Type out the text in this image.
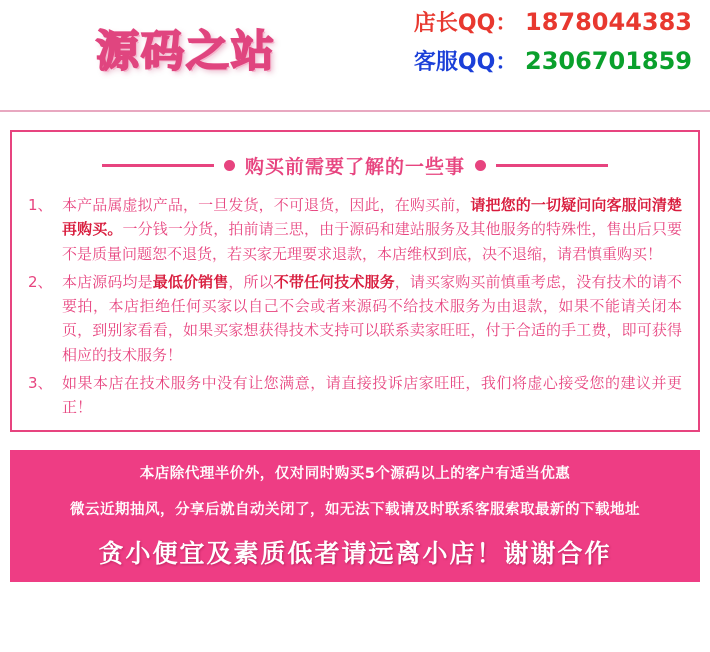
源码之站
店长QQ： 1878044383
客服QQ： 2306701859
购买前需要了解的一些事
1、 本产品属虚拟产品，一旦发货，不可退货，因此，在购买前，请把您的一切疑问向客服问清楚再购买。一分钱一分货，拍前请三思，由于源码和建站服务及其他服务的特殊性，售出后只要不是质量问题恕不退货，若买家无理要求退款，本店维权到底，决不退缩，请君慎重购买！
2、 本店源码均是最低价销售，所以不带任何技术服务，请买家购买前慎重考虑，没有技术的请不要拍，本店拒绝任何买家以自己不会或者来源码不给技术服务为由退款，如果不能请关闭本页，到别家看看，如果买家想获得技术支持可以联系卖家旺旺，付于合适的手工费，即可获得相应的技术服务！
3、 如果本店在技术服务中没有让您满意，请直接投诉店家旺旺，我们将虚心接受您的建议并更正！
本店除代理半价外，仅对同时购买5个源码以上的客户有适当优惠
微云近期抽风，分享后就自动关闭了，如无法下载请及时联系客服索取最新的下载地址
贪小便宜及素质低者请远离小店！谢谢合作
